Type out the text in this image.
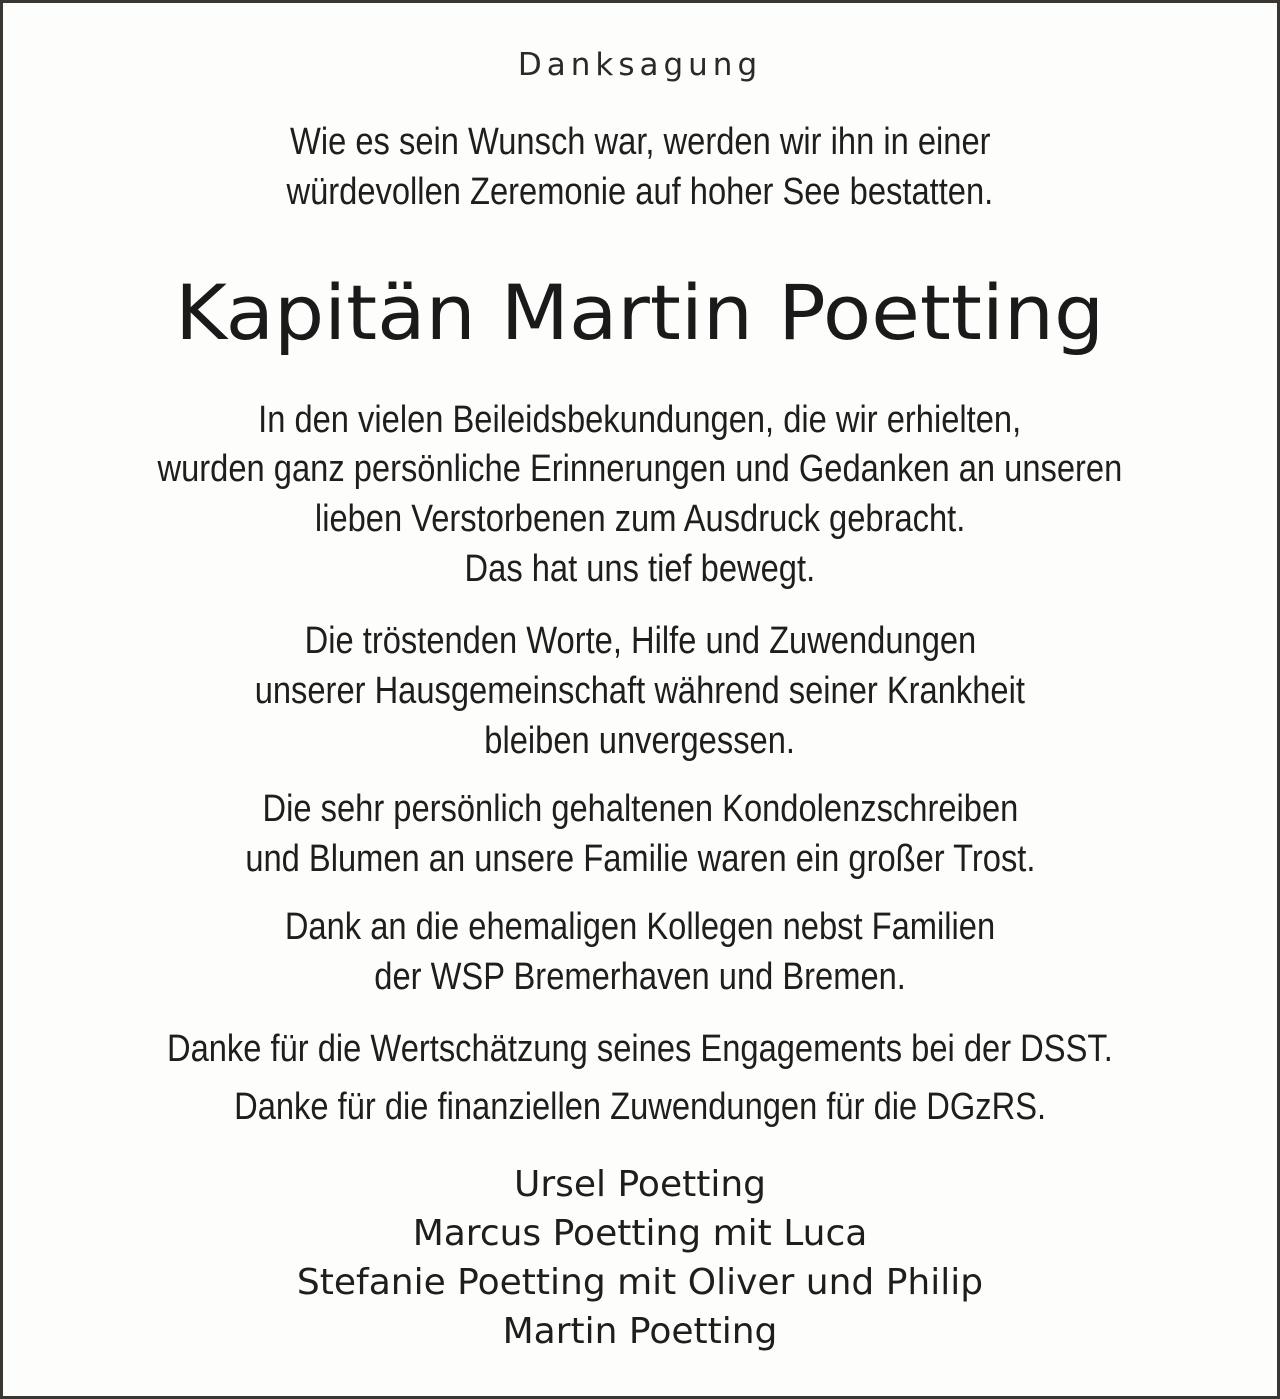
Danksagung
Wie es sein Wunsch war, werden wir ihn in einer
würdevollen Zeremonie auf hoher See bestatten.
Kapitän Martin Poetting
In den vielen Beileidsbekundungen, die wir erhielten,
wurden ganz persönliche Erinnerungen und Gedanken an unseren
lieben Verstorbenen zum Ausdruck gebracht.
Das hat uns tief bewegt.
Die tröstenden Worte, Hilfe und Zuwendungen
unserer Hausgemeinschaft während seiner Krankheit
bleiben unvergessen.
Die sehr persönlich gehaltenen Kondolenzschreiben
und Blumen an unsere Familie waren ein großer Trost.
Dank an die ehemaligen Kollegen nebst Familien
der WSP Bremerhaven und Bremen.
Danke für die Wertschätzung seines Engagements bei der DSST.
Danke für die finanziellen Zuwendungen für die DGzRS.
Ursel Poetting
Marcus Poetting mit Luca
Stefanie Poetting mit Oliver und Philip
Martin Poetting
